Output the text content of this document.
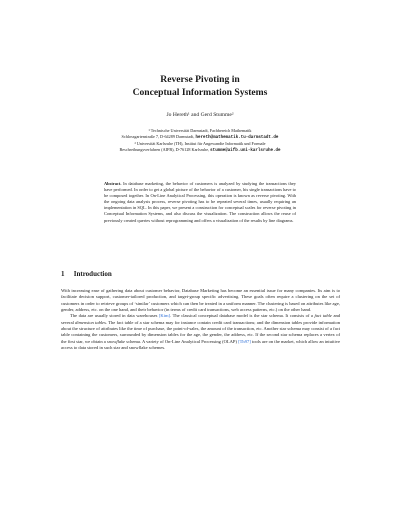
Reverse Pivoting in
Conceptual Information Systems
Jo Hereth¹ and Gerd Stumme²
¹ Technische Universität Darmstadt, Fachbereich Mathematik
Schlossgartenstraße 7, D-64289 Darmstadt, hereth@mathematik.tu-darmstadt.de
² Universität Karlsruhe (TH), Institut für Angewandte Informatik und Formale
Beschreibungsverfahren (AIFB), D-76128 Karlsruhe, stumme@aifb.uni-karlsruhe.de
Abstract. In database marketing, the behavior of customers is analyzed by studying the transactions they have performed. In order to get a global picture of the behavior of a customer, his single transactions have to be composed together. In On-Line Analytical Processing, this operation is known as reverse pivoting. With the ongoing data analysis process, reverse pivoting has to be repeated several times, usually requiring an implementation in SQL. In this paper, we present a construction for conceptual scales for reverse pivoting in Conceptual Information Systems, and also discuss the visualization. The construction allows the reuse of previously created queries without reprogramming and offers a visualization of the results by line diagrams.
1 Introduction

With increasing ease of gathering data about customer behavior, Database Marketing has become an essential issue for many companies. Its aim is to facilitate decision support, customer-tailored production, and target-group specific advertising. These goals often require a clustering on the set of customers in order to retrieve groups of ‘similar’ customers which can then be treated in a uniform manner. The clustering is based on attributes like age, gender, address, etc. on the one hand, and their behavior (in terms of credit card transactions, web access patterns, etc.) on the other hand.

The data are usually stored in data warehouses [Kim]. The classical conceptual database model is the star schema. It consists of a fact table and several dimension tables. The fact table of a star schema may for instance contain credit card transactions; and the dimension tables provide information about the structure of attributes like the time of purchase, the point-of-sales, the amount of the transaction, etc. Another star schema may consist of a fact table containing the customers, surrounded by dimension tables for the age, the gender, the address, etc. If the second star schema replaces a vertex of the first star, we obtain a snowflake schema. A variety of On-Line Analytical Processing (OLAP) [Th97] tools are on the market, which allow an intuitive access to data stored in such star and snowflake schemes.
